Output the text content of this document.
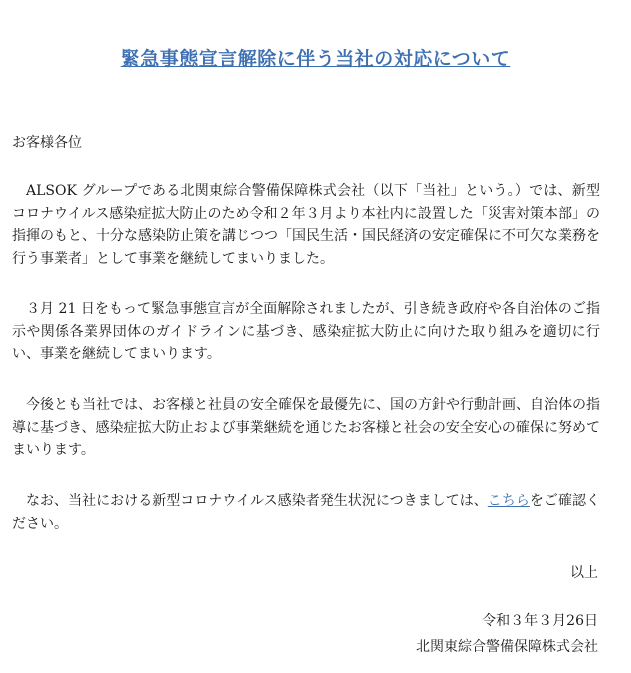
緊急事態宣言解除に伴う当社の対応について
お客様各位
ALSOK グループである北関東綜合警備保障株式会社（以下「当社」という。）では、新型コロナウイルス感染症拡大防止のため令和２年３月より本社内に設置した「災害対策本部」の指揮のもと、十分な感染防止策を講じつつ「国民生活・国民経済の安定確保に不可欠な業務を行う事業者」として事業を継続してまいりました。
３月 21 日をもって緊急事態宣言が全面解除されましたが、引き続き政府や各自治体のご指示や関係各業界団体のガイドラインに基づき、感染症拡大防止に向けた取り組みを適切に行い、事業を継続してまいります。
今後とも当社では、お客様と社員の安全確保を最優先に、国の方針や行動計画、自治体の指導に基づき、感染症拡大防止および事業継続を通じたお客様と社会の安全安心の確保に努めてまいります。
なお、当社における新型コロナウイルス感染者発生状況につきましては、こちらをご確認ください。
以上
令和３年３月26日
北関東綜合警備保障株式会社
